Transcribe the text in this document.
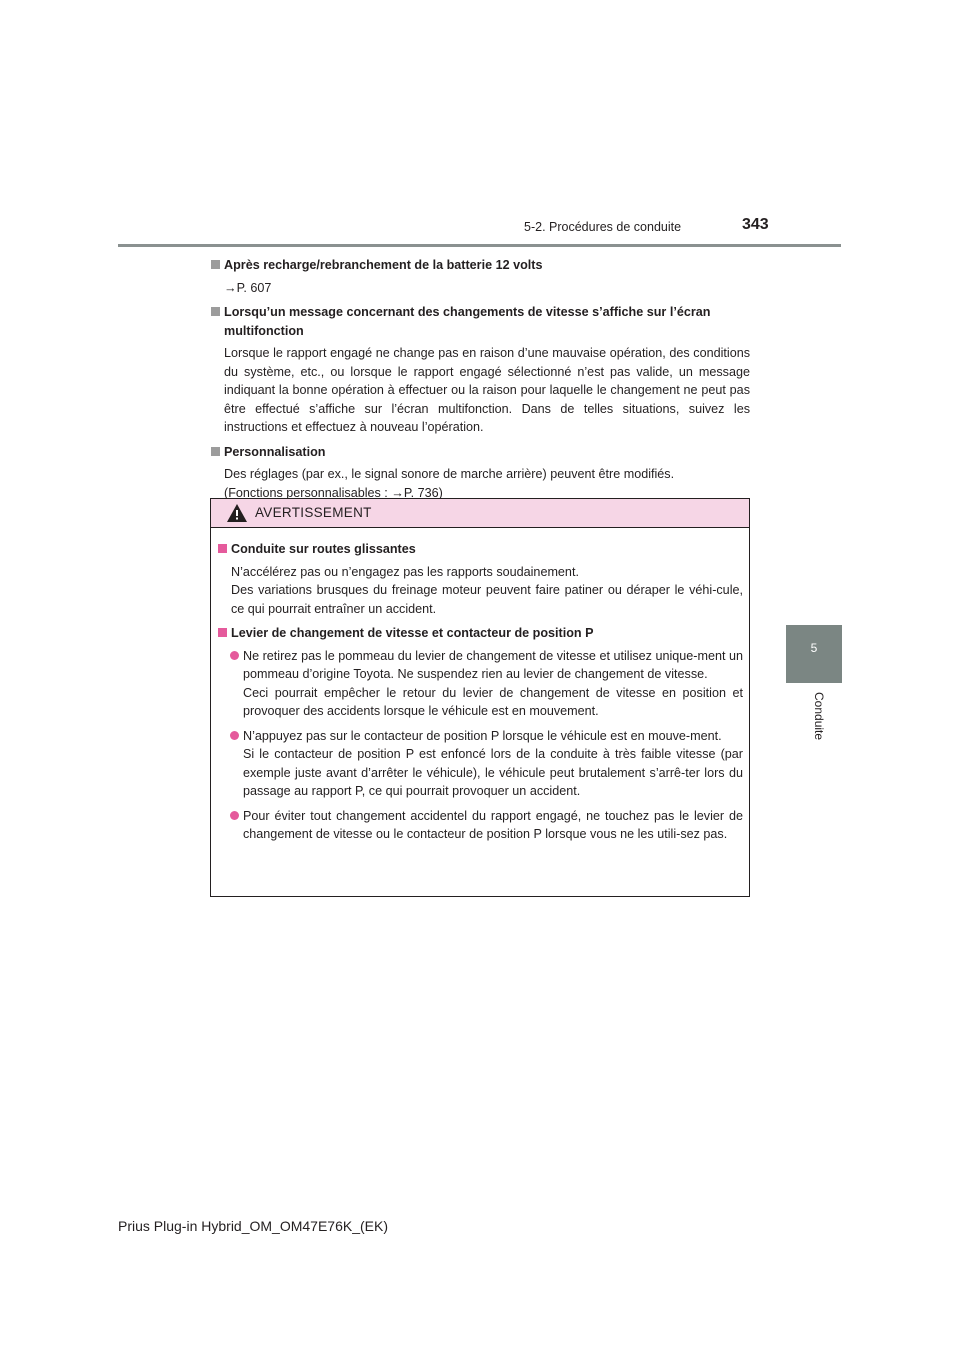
5-2. Procédures de conduite	343
5
Conduite
Après recharge/rebranchement de la batterie 12 volts
→P. 607
Lorsqu’un message concernant des changements de vitesse s’affiche sur l’écran multifonction
Lorsque le rapport engagé ne change pas en raison d’une mauvaise opération, des conditions du système, etc., ou lorsque le rapport engagé sélectionné n’est pas valide, un message indiquant la bonne opération à effectuer ou la raison pour laquelle le changement ne peut pas être effectué s’affiche sur l’écran multifonction. Dans de telles situations, suivez les instructions et effectuez à nouveau l’opération.
Personnalisation
Des réglages (par ex., le signal sonore de marche arrière) peuvent être modifiés.
(Fonctions personnalisables : →P. 736)
AVERTISSEMENT
Conduite sur routes glissantes
N’accélérez pas ou n’engagez pas les rapports soudainement.
Des variations brusques du freinage moteur peuvent faire patiner ou déraper le véhi-cule, ce qui pourrait entraîner un accident.
Levier de changement de vitesse et contacteur de position P
Ne retirez pas le pommeau du levier de changement de vitesse et utilisez unique-ment un pommeau d’origine Toyota. Ne suspendez rien au levier de changement de vitesse.
Ceci pourrait empêcher le retour du levier de changement de vitesse en position et provoquer des accidents lorsque le véhicule est en mouvement.
N’appuyez pas sur le contacteur de position P lorsque le véhicule est en mouve-ment.
Si le contacteur de position P est enfoncé lors de la conduite à très faible vitesse (par exemple juste avant d’arrêter le véhicule), le véhicule peut brutalement s’arrê-ter lors du passage au rapport P, ce qui pourrait provoquer un accident.
Pour éviter tout changement accidentel du rapport engagé, ne touchez pas le levier de changement de vitesse ou le contacteur de position P lorsque vous ne les utili-sez pas.
Prius Plug-in Hybrid_OM_OM47E76K_(EK)
